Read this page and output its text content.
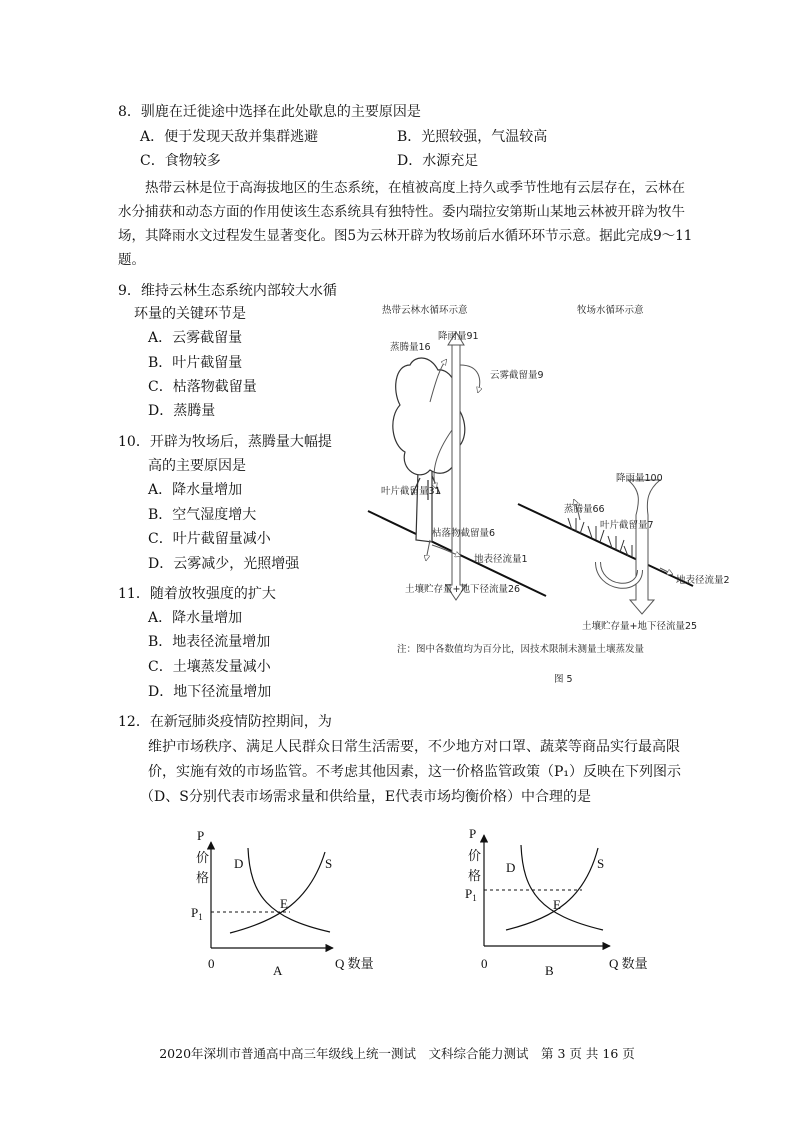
8．驯鹿在迁徙途中选择在此处歇息的主要原因是
A．便于发现天敌并集群逃避	B．光照较强，气温较高
C．食物较多	D．水源充足
热带云林是位于高海拔地区的生态系统，在植被高度上持久或季节性地有云层存在，云林在水分捕获和动态方面的作用使该生态系统具有独特性。委内瑞拉安第斯山某地云林被开辟为牧牛场，其降雨水文过程发生显著变化。图5为云林开辟为牧场前后水循环环节示意。据此完成9～11题。
9．维持云林生态系统内部较大水循
环量的关键环节是
A．云雾截留量
B．叶片截留量
C．枯落物截留量
D．蒸腾量
10．开辟为牧场后，蒸腾量大幅提
高的主要原因是
A．降水量增加
B．空气湿度增大
C．叶片截留量减小
D．云雾减少，光照增强
11．随着放牧强度的扩大
A．降水量增加
B．地表径流量增加
C．土壤蒸发量减小
D．地下径流量增加
热带云林水循环示意	牧场水循环示意
降雨量91
蒸腾量16
云雾截留量9
叶片截留量31
枯落物截留量6
地表径流量1
土壤贮存量+地下径流量26
降雨量100
蒸腾量66
叶片截留量7
地表径流量2
土壤贮存量+地下径流量25
注：图中各数值均为百分比，因技术限制未测量土壤蒸发量
图 5
12．在新冠肺炎疫情防控期间，为
维护市场秩序、满足人民群众日常生活需要，不少地方对口罩、蔬菜等商品实行最高限
价，实施有效的市场监管。不考虑其他因素，这一价格监管政策（P₁）反映在下列图示
（D、S分别代表市场需求量和供给量，E代表市场均衡价格）中合理的是
P
价
格
$P_1$
0	Q 数量
D	S
E
A
P
价
格
$P_1$
0	Q 数量
D	S
E
B
2020年深圳市普通高中高三年级线上统一测试　文科综合能力测试　第 3 页 共 16 页
